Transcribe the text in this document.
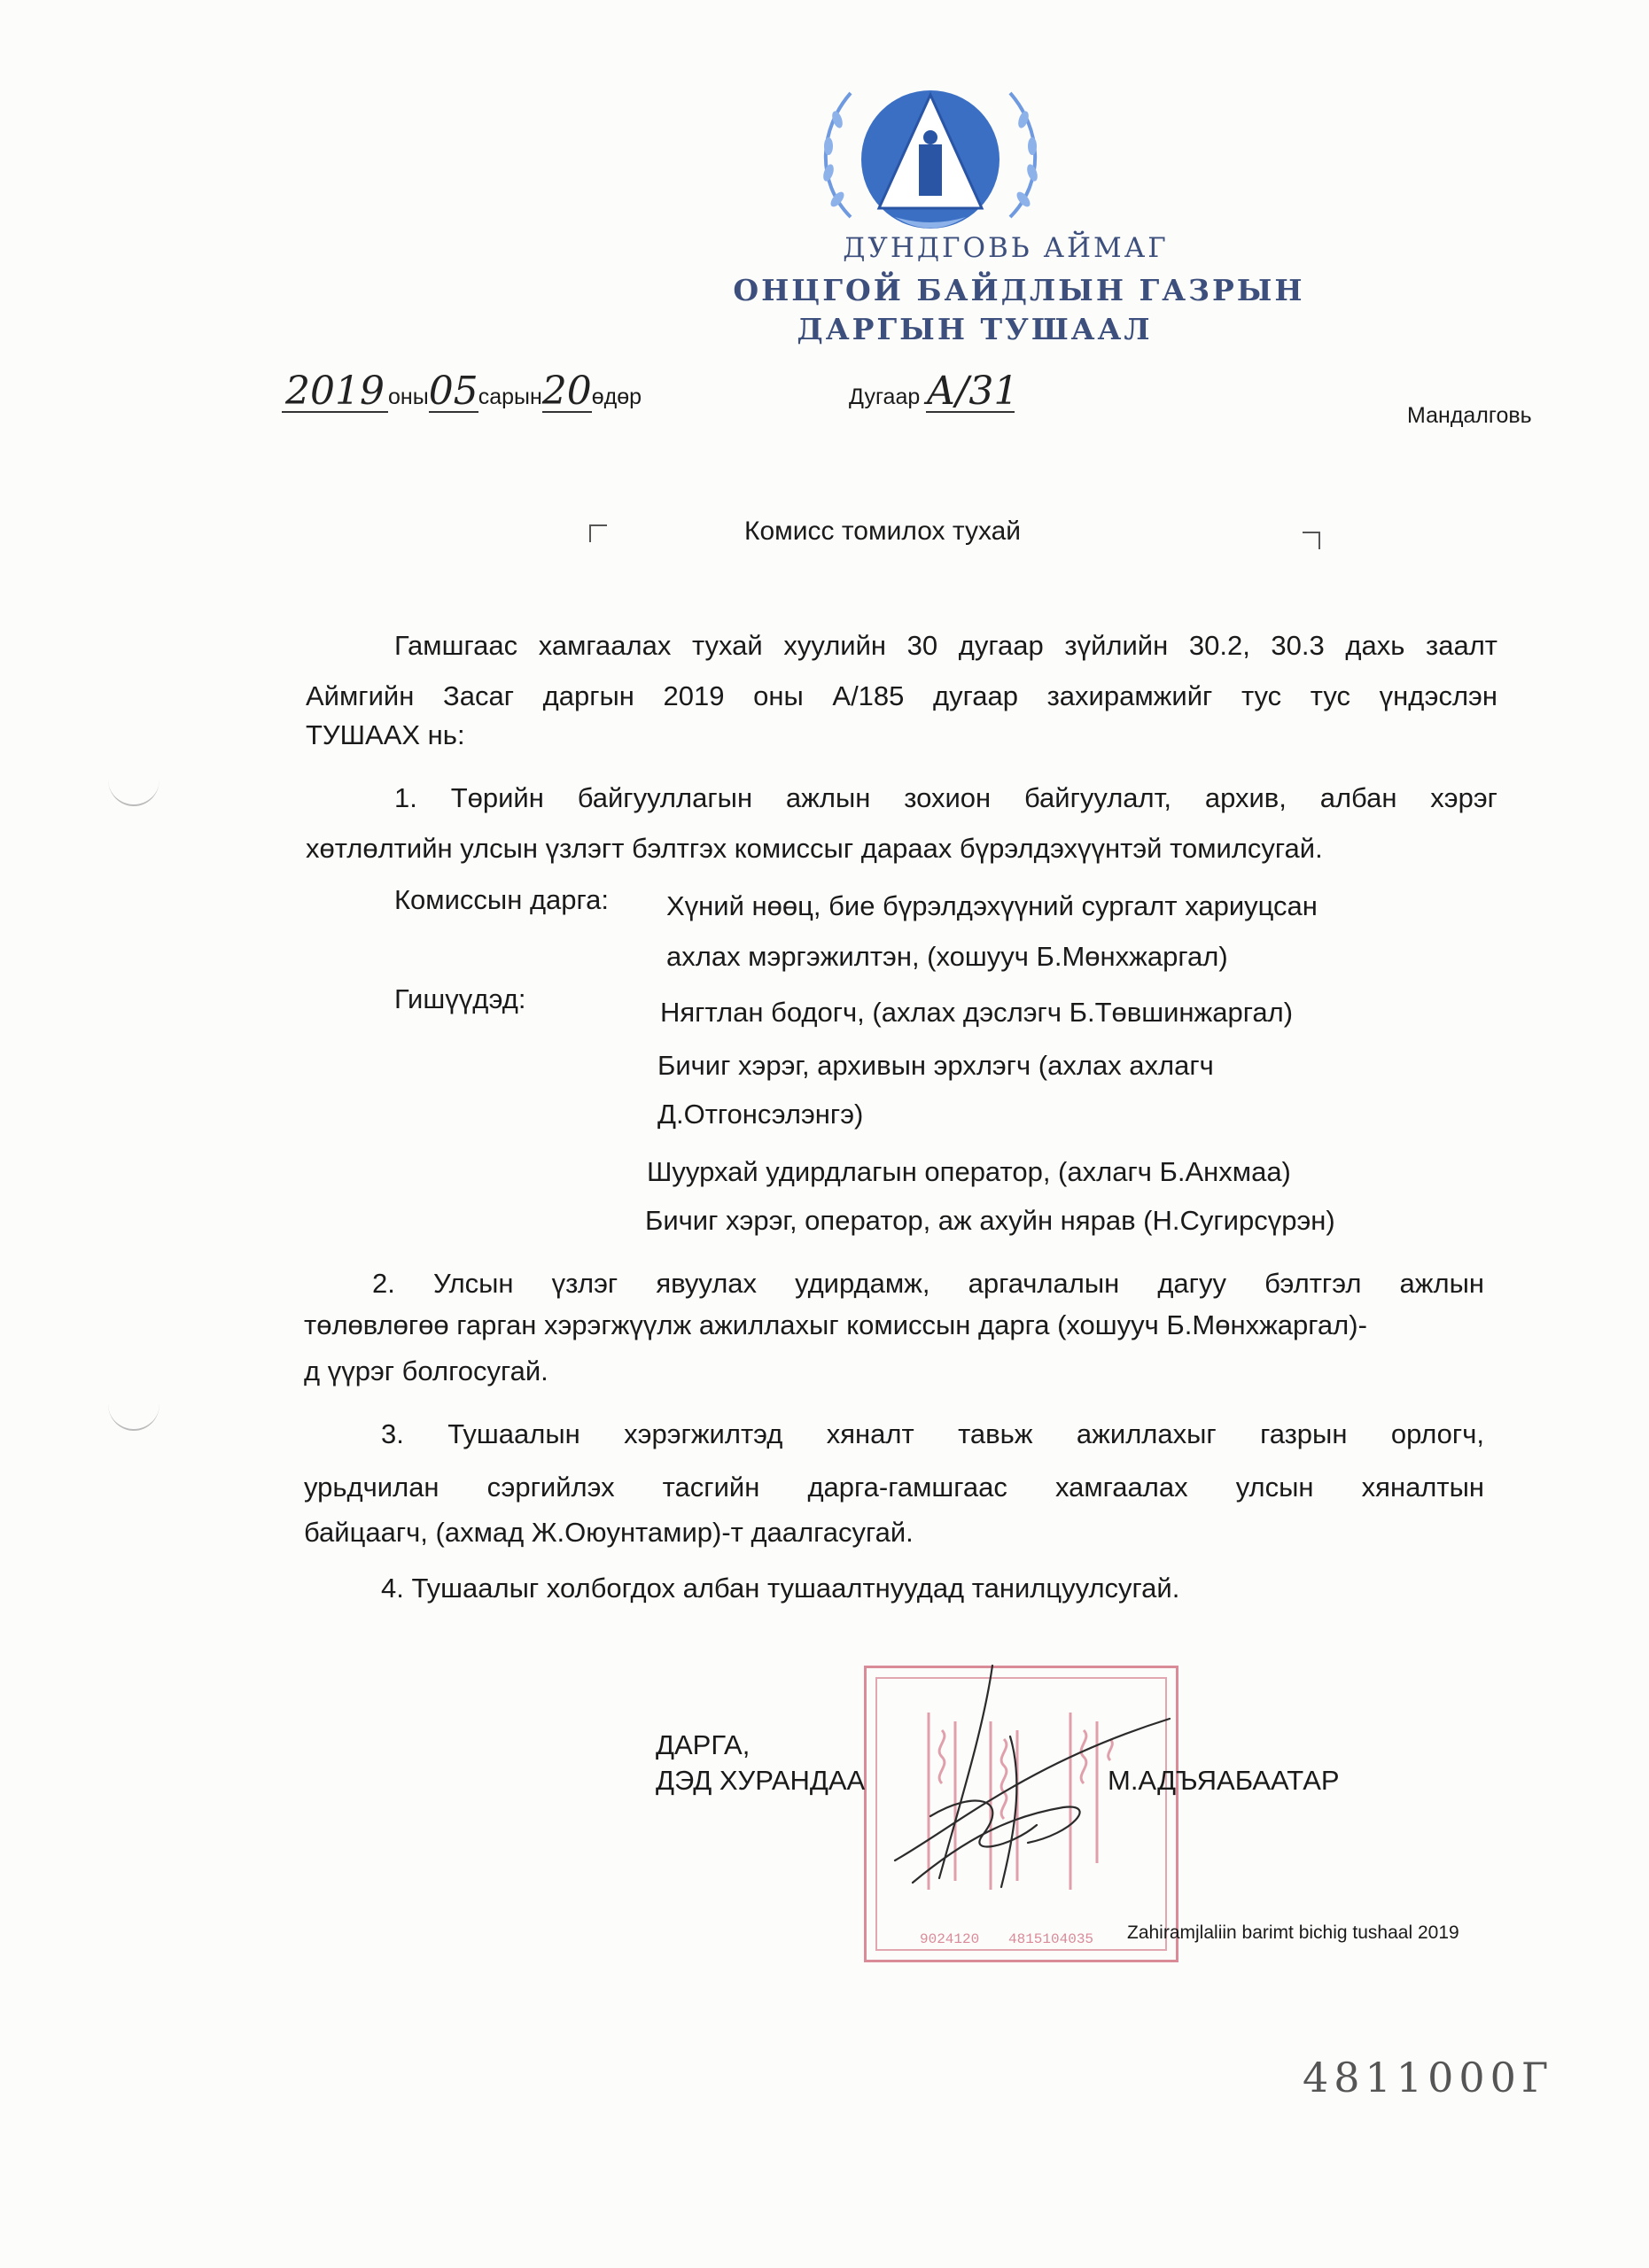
ДУНДГОВЬ АЙМАГ
ОНЦГОЙ БАЙДЛЫН ГАЗРЫН
ДАРГЫН ТУШААЛ
2019 оны05сарын20өдөр	Дугаар А/31
Мандалговь
Комисс томилох тухай
Гамшгаас хамгаалах тухай хуулийн 30 дугаар зүйлийн 30.2, 30.3 дахь заалт
Аймгийн Засаг даргын 2019 оны А/185 дугаар захирамжийг тус тус үндэслэн
ТУШААХ нь:
1. Төрийн байгууллагын ажлын зохион байгуулалт, архив, албан хэрэг
хөтлөлтийн улсын үзлэгт бэлтгэх комиссыг дараах бүрэлдэхүүнтэй томилсугай.
Комиссын дарга: Хүний нөөц, бие бүрэлдэхүүний сургалт хариуцсан
ахлах мэргэжилтэн, (хошууч Б.Мөнхжаргал)
Гишүүдэд:	Нягтлан бодогч, (ахлах дэслэгч Б.Төвшинжаргал)
Бичиг хэрэг, архивын эрхлэгч (ахлах ахлагч
Д.Отгонсэлэнгэ)
Шуурхай удирдлагын оператор, (ахлагч Б.Анхмаа)
Бичиг хэрэг, оператор, аж ахуйн нярав (Н.Сугирсүрэн)
2. Улсын үзлэг явуулах удирдамж, аргачлалын дагуу бэлтгэл ажлын
төлөвлөгөө гарган хэрэгжүүлж ажиллахыг комиссын дарга (хошууч Б.Мөнхжаргал)-
д үүрэг болгосугай.
3. Тушаалын хэрэгжилтэд хяналт тавьж ажиллахыг газрын орлогч,
урьдчилан сэргийлэх тасгийн дарга-гамшгаас хамгаалах улсын хяналтын
байцаагч, (ахмад Ж.Оюунтамир)-т даалгасугай.
4. Тушаалыг холбогдох албан тушаалтнуудад танилцуулсугай.
9024120 4815104035
ДАРГА,
ДЭД ХУРАНДАА	М.АДЪЯАБААТАР
Zahiramjlaliin barimt bichig tushaal 2019
4811000Г
